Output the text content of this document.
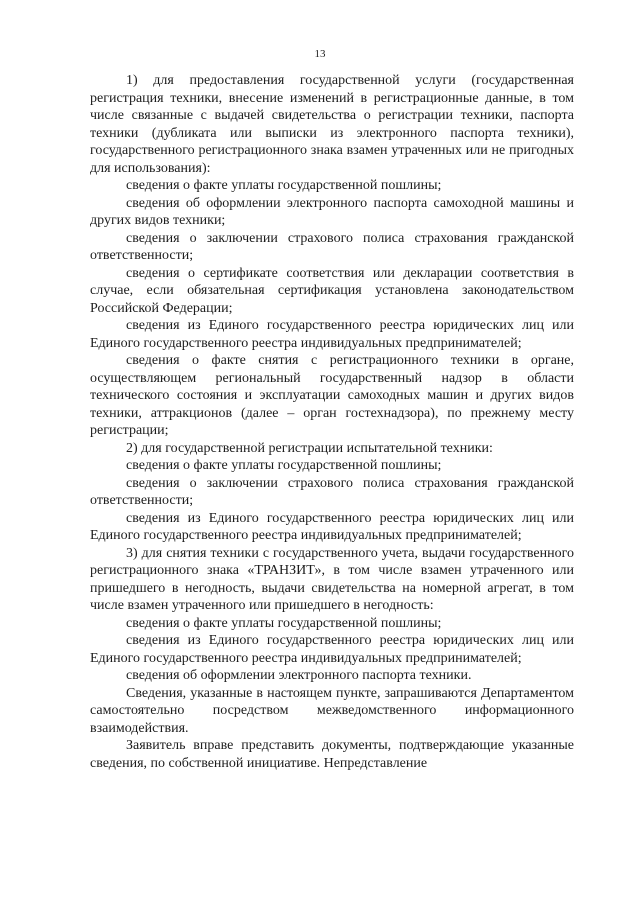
13

1) для предоставления государственной услуги (государственная регистрация техники, внесение изменений в регистрационные данные, в том числе связанные с выдачей свидетельства о регистрации техники, паспорта техники (дубликата или выписки из электронного паспорта техники), государственного регистрационного знака взамен утраченных или не пригодных для использования):

сведения о факте уплаты государственной пошлины;

сведения об оформлении электронного паспорта самоходной машины и других видов техники;

сведения о заключении страхового полиса страхования гражданской ответственности;

сведения о сертификате соответствия или декларации соответствия в случае, если обязательная сертификация установлена законодательством Российской Федерации;

сведения из Единого государственного реестра юридических лиц или Единого государственного реестра индивидуальных предпринимателей;

сведения о факте снятия с регистрационного техники в органе, осуществляющем региональный государственный надзор в области технического состояния и эксплуатации самоходных машин и других видов техники, аттракционов (далее – орган гостехнадзора), по прежнему месту регистрации;

2) для государственной регистрации испытательной техники:

сведения о факте уплаты государственной пошлины;

сведения о заключении страхового полиса страхования гражданской ответственности;

сведения из Единого государственного реестра юридических лиц или Единого государственного реестра индивидуальных предпринимателей;

3) для снятия техники с государственного учета, выдачи государственного регистрационного знака «ТРАНЗИТ», в том числе взамен утраченного или пришедшего в негодность, выдачи свидетельства на номерной агрегат, в том числе взамен утраченного или пришедшего в негодность:

сведения о факте уплаты государственной пошлины;

сведения из Единого государственного реестра юридических лиц или Единого государственного реестра индивидуальных предпринимателей;

сведения об оформлении электронного паспорта техники.

Сведения, указанные в настоящем пункте, запрашиваются Департаментом самостоятельно посредством межведомственного информационного взаимодействия.

Заявитель вправе представить документы, подтверждающие указанные сведения, по собственной инициативе. Непредставление
